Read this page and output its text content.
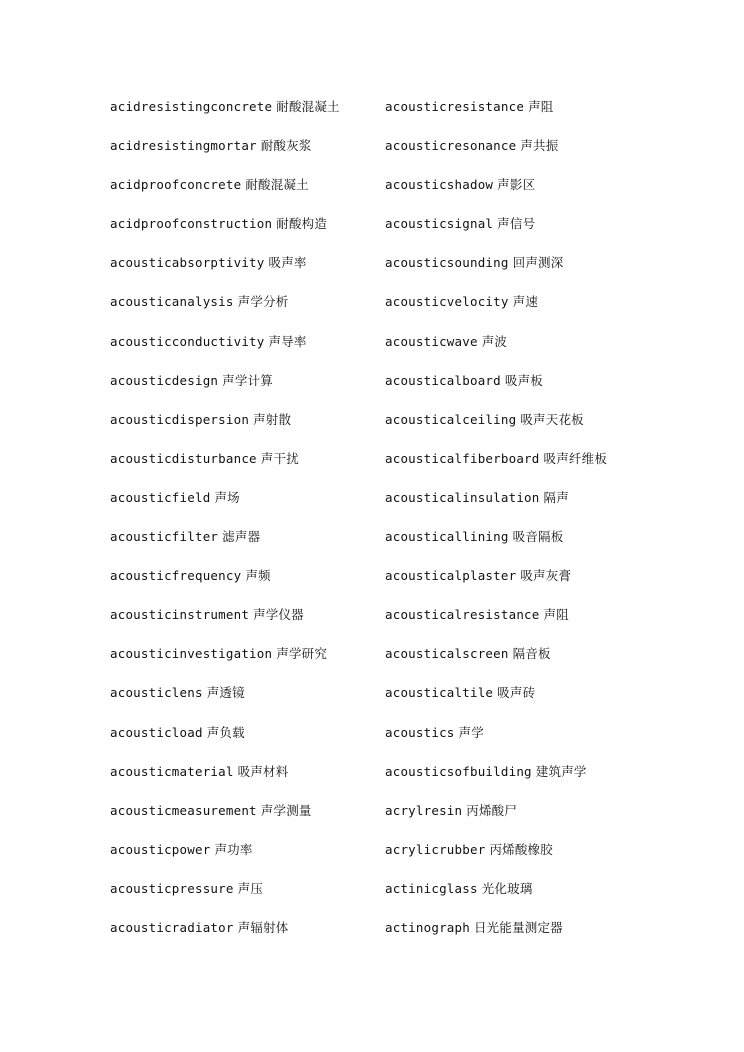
acidresistingconcrete 耐酸混凝土
acidresistingmortar 耐酸灰浆
acidproofconcrete 耐酸混凝土
acidproofconstruction 耐酸构造
acousticabsorptivity 吸声率
acousticanalysis 声学分析
acousticconductivity 声导率
acousticdesign 声学计算
acousticdispersion 声射散
acousticdisturbance 声干扰
acousticfield 声场
acousticfilter 滤声器
acousticfrequency 声频
acousticinstrument 声学仪器
acousticinvestigation 声学研究
acousticlens 声透镜
acousticload 声负载
acousticmaterial 吸声材料
acousticmeasurement 声学测量
acousticpower 声功率
acousticpressure 声压
acousticradiator 声辐射体
acousticresistance 声阻
acousticresonance 声共振
acousticshadow 声影区
acousticsignal 声信号
acousticsounding 回声测深
acousticvelocity 声速
acousticwave 声波
acousticalboard 吸声板
acousticalceiling 吸声天花板
acousticalfiberboard 吸声纤维板
acousticalinsulation 隔声
acousticallining 吸音隔板
acousticalplaster 吸声灰膏
acousticalresistance 声阻
acousticalscreen 隔音板
acousticaltile 吸声砖
acoustics 声学
acousticsofbuilding 建筑声学
acrylresin 丙烯酸尸
acrylicrubber 丙烯酸橡胶
actinicglass 光化玻璃
actinograph 日光能量测定器
